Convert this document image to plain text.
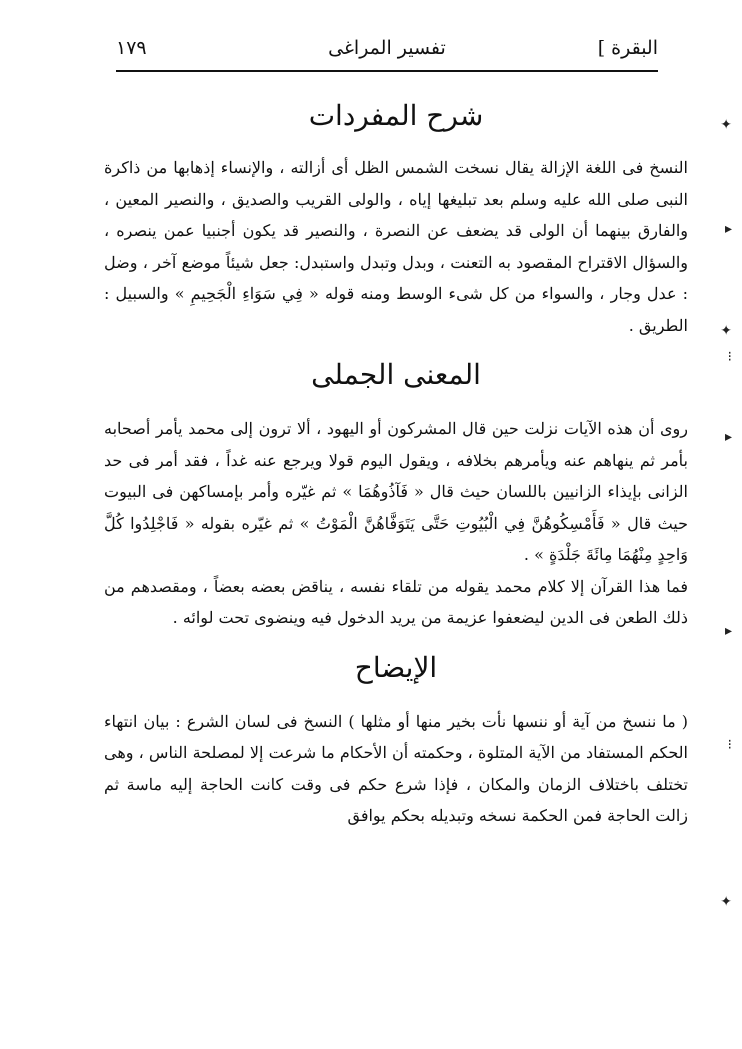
البقرة ]
تفسير المراغى
١٧٩
شرح المفردات

النسخ فى اللغة الإزالة يقال نسخت الشمس الظل أى أزالته ، والإنساء إذهابها من ذاكرة النبى صلى الله عليه وسلم بعد تبليغها إياه ، والولى القريب والصديق ، والنصير المعين ، والفارق بينهما أن الولى قد يضعف عن النصرة ، والنصير قد يكون أجنبيا عمن ينصره ، والسؤال الاقتراح المقصود به التعنت ، وبدل وتبدل واستبدل: جعل شيئاً موضع آخر ، وضل : عدل وجار ، والسواء من كل شىء الوسط ومنه قوله « فِي سَوَاءِ الْجَحِيمِ » والسبيل : الطريق .

المعنى الجملى

روى أن هذه الآيات نزلت حين قال المشركون أو اليهود ، ألا ترون إلى محمد يأمر أصحابه بأمر ثم ينهاهم عنه ويأمرهم بخلافه ، ويقول اليوم قولا ويرجع عنه غداً ، فقد أمر فى حد الزانى بإيذاء الزانيين باللسان حيث قال « فَآذُوهُمَا » ثم غيّره وأمر بإمساكهن فى البيوت حيث قال « فَأَمْسِكُوهُنَّ فِي الْبُيُوتِ حَتَّى يَتَوَفَّاهُنَّ الْمَوْتُ » ثم غيّره بقوله « فَاجْلِدُوا كُلَّ وَاحِدٍ مِنْهُمَا مِائَةَ جَلْدَةٍ » .

فما هذا القرآن إلا كلام محمد يقوله من تلقاء نفسه ، يناقض بعضه بعضاً ، ومقصدهم من ذلك الطعن فى الدين ليضعفوا عزيمة من يريد الدخول فيه وينضوى تحت لوائه .

الإيضاح

( ما ننسخ من آية أو ننسها نأت بخير منها أو مثلها ) النسخ فى لسان الشرع : بيان انتهاء الحكم المستفاد من الآية المتلوة ، وحكمته أن الأحكام ما شرعت إلا لمصلحة الناس ، وهى تختلف باختلاف الزمان والمكان ، فإذا شرع حكم فى وقت كانت الحاجة إليه ماسة ثم زالت الحاجة فمن الحكمة نسخه وتبديله بحكم يوافق

✦
▸
✦
⁝
▸
▸
⁝
✦
